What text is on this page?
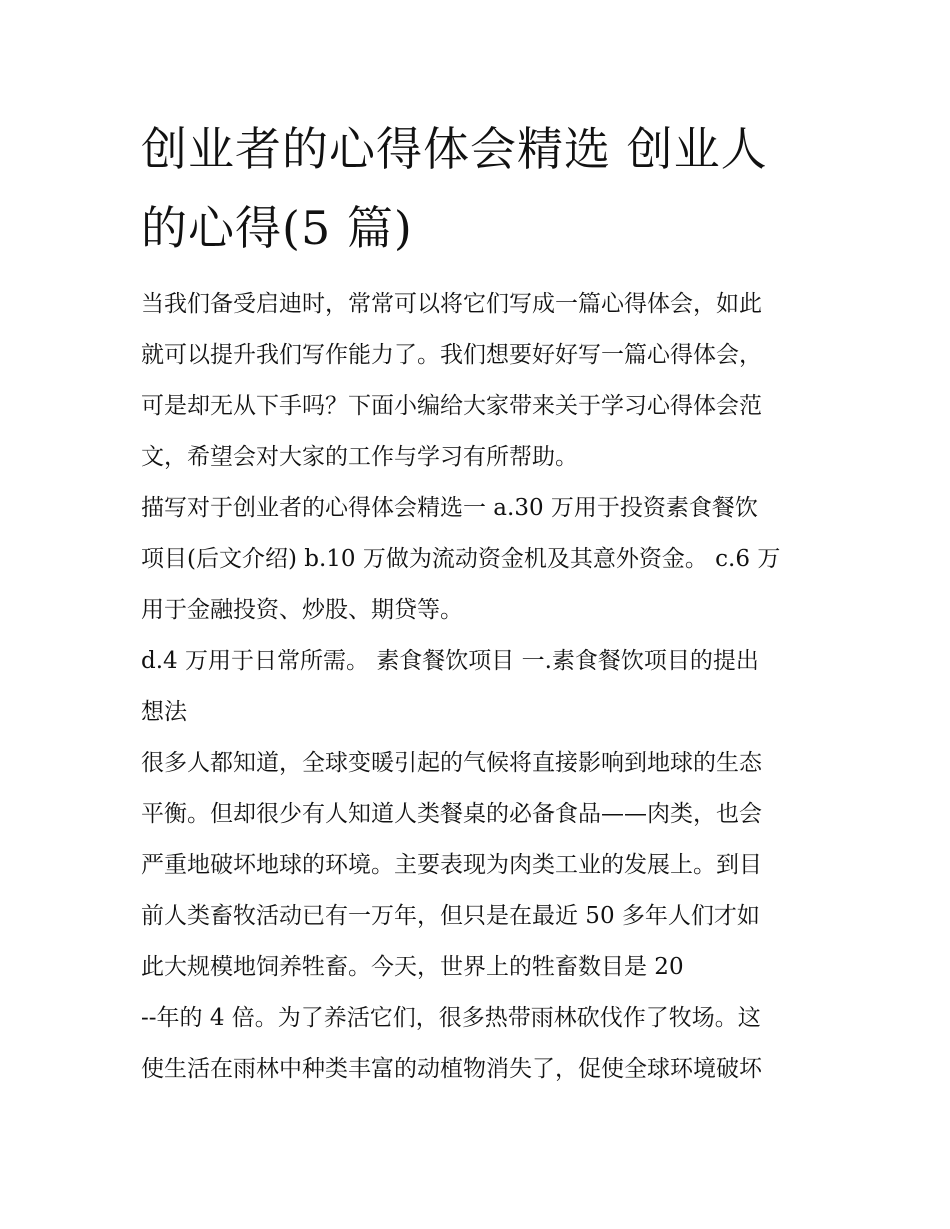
创业者的心得体会精选 创业人
的心得(5 篇)

当我们备受启迪时，常常可以将它们写成一篇心得体会，如此
就可以提升我们写作能力了。我们想要好好写一篇心得体会，
可是却无从下手吗？下面小编给大家带来关于学习心得体会范
文，希望会对大家的工作与学习有所帮助。

描写对于创业者的心得体会精选一 a.30 万用于投资素食餐饮
项目(后文介绍) b.10 万做为流动资金机及其意外资金。 c.6 万
用于金融投资、炒股、期贷等。

d.4 万用于日常所需。 素食餐饮项目 一.素食餐饮项目的提出
想法

很多人都知道，全球变暖引起的气候将直接影响到地球的生态
平衡。但却很少有人知道人类餐桌的必备食品——肉类，也会
严重地破坏地球的环境。主要表现为肉类工业的发展上。到目
前人类畜牧活动已有一万年，但只是在最近 50 多年人们才如
此大规模地饲养牲畜。今天，世界上的牲畜数目是 20

--年的 4 倍。为了养活它们，很多热带雨林砍伐作了牧场。这
使生活在雨林中种类丰富的动植物消失了，促使全球环境破坏
